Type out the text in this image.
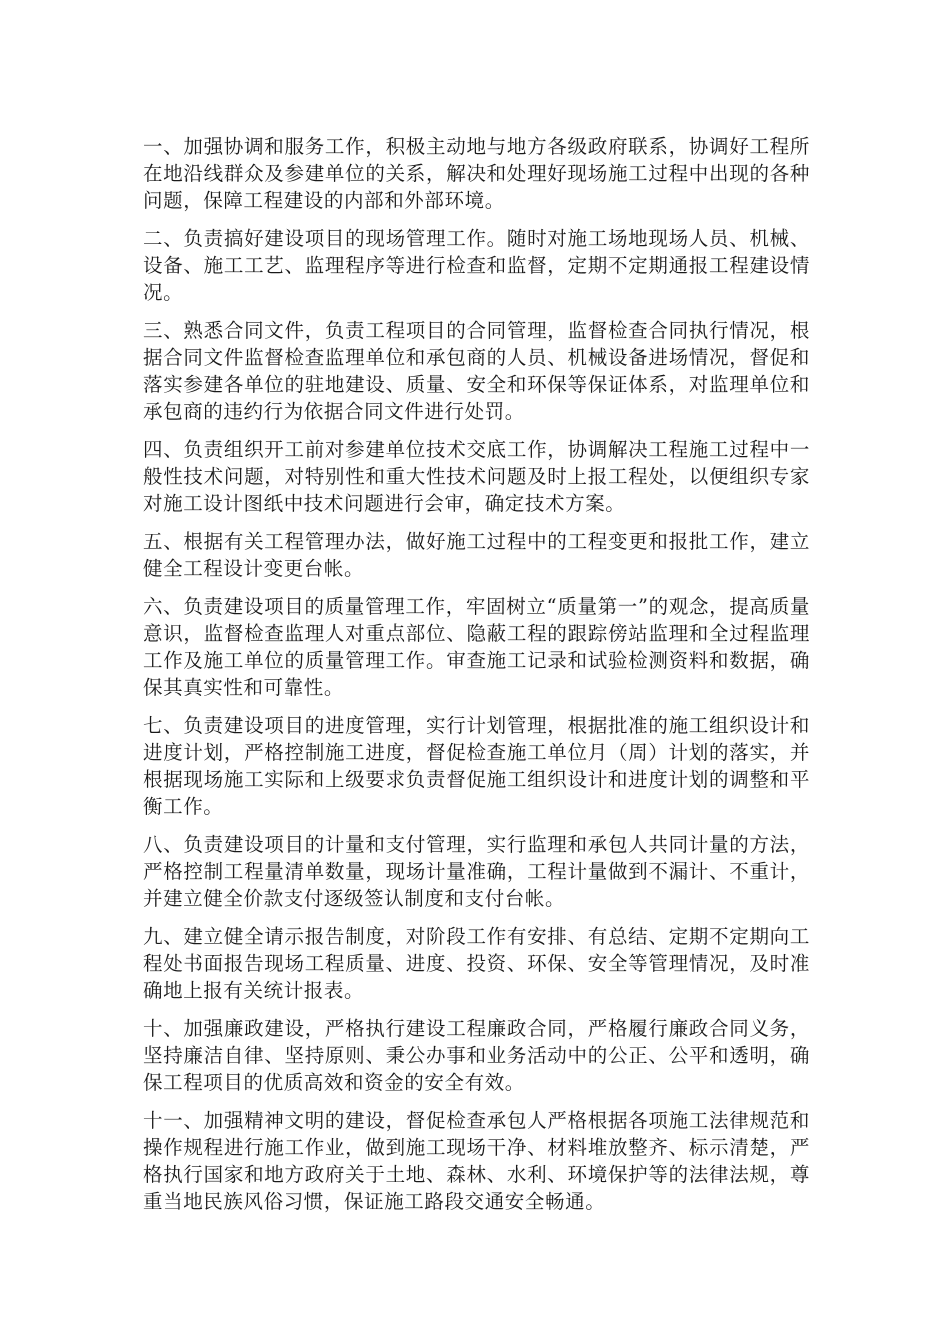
一、加强协调和服务工作，积极主动地与地方各级政府联系，协调好工程所在地沿线群众及参建单位的关系，解决和处理好现场施工过程中出现的各种问题，保障工程建设的内部和外部环境。

二、负责搞好建设项目的现场管理工作。随时对施工场地现场人员、机械、设备、施工工艺、监理程序等进行检查和监督，定期不定期通报工程建设情况。

三、熟悉合同文件，负责工程项目的合同管理，监督检查合同执行情况，根据合同文件监督检查监理单位和承包商的人员、机械设备进场情况，督促和落实参建各单位的驻地建设、质量、安全和环保等保证体系，对监理单位和承包商的违约行为依据合同文件进行处罚。

四、负责组织开工前对参建单位技术交底工作，协调解决工程施工过程中一般性技术问题，对特别性和重大性技术问题及时上报工程处，以便组织专家对施工设计图纸中技术问题进行会审，确定技术方案。

五、根据有关工程管理办法，做好施工过程中的工程变更和报批工作，建立健全工程设计变更台帐。

六、负责建设项目的质量管理工作，牢固树立“质量第一”的观念，提高质量意识，监督检查监理人对重点部位、隐蔽工程的跟踪傍站监理和全过程监理工作及施工单位的质量管理工作。审查施工记录和试验检测资料和数据，确保其真实性和可靠性。

七、负责建设项目的进度管理，实行计划管理，根据批准的施工组织设计和进度计划，严格控制施工进度，督促检查施工单位月（周）计划的落实，并根据现场施工实际和上级要求负责督促施工组织设计和进度计划的调整和平衡工作。

八、负责建设项目的计量和支付管理，实行监理和承包人共同计量的方法，严格控制工程量清单数量，现场计量准确，工程计量做到不漏计、不重计，并建立健全价款支付逐级签认制度和支付台帐。

九、建立健全请示报告制度，对阶段工作有安排、有总结、定期不定期向工程处书面报告现场工程质量、进度、投资、环保、安全等管理情况，及时准确地上报有关统计报表。

十、加强廉政建设，严格执行建设工程廉政合同，严格履行廉政合同义务，坚持廉洁自律、坚持原则、秉公办事和业务活动中的公正、公平和透明，确保工程项目的优质高效和资金的安全有效。

十一、加强精神文明的建设，督促检查承包人严格根据各项施工法律规范和操作规程进行施工作业，做到施工现场干净、材料堆放整齐、标示清楚，严格执行国家和地方政府关于土地、森林、水利、环境保护等的法律法规，尊重当地民族风俗习惯，保证施工路段交通安全畅通。
